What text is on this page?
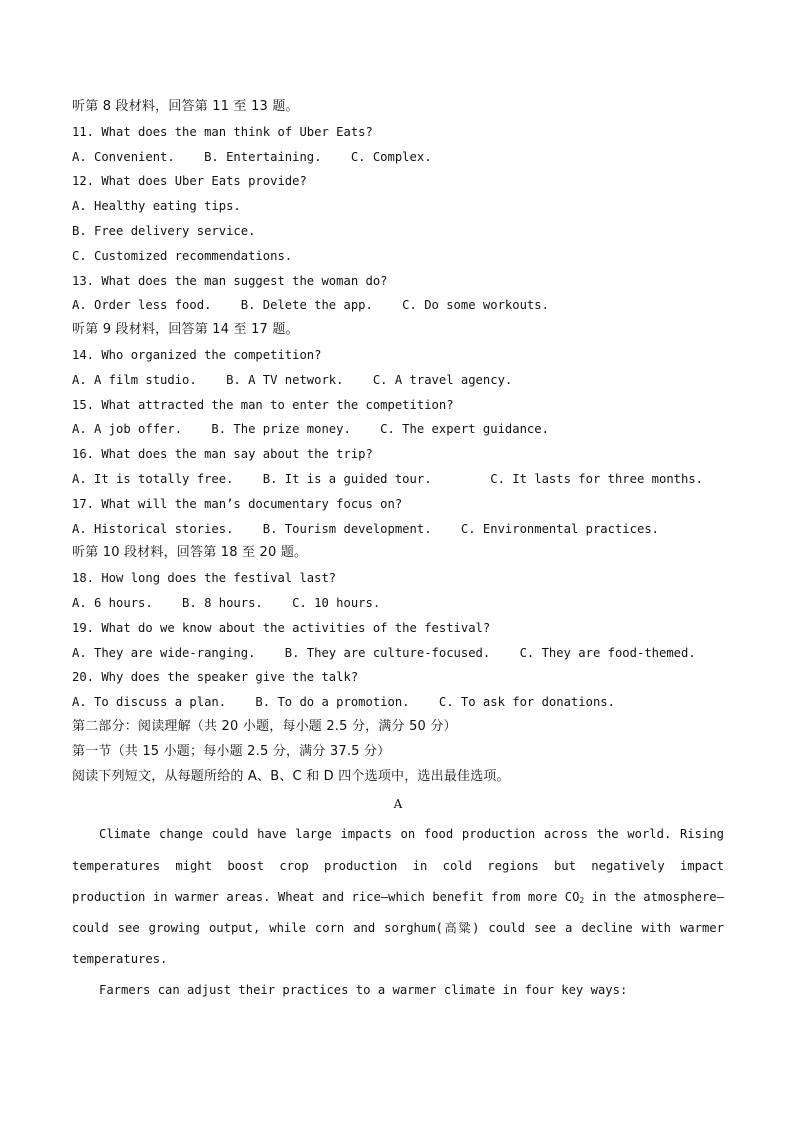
听第 8 段材料，回答第 11 至 13 题。
11. What does the man think of Uber Eats?
A. Convenient.    B. Entertaining.    C. Complex.
12. What does Uber Eats provide?
A. Healthy eating tips.
B. Free delivery service.
C. Customized recommendations.
13. What does the man suggest the woman do?
A. Order less food.    B. Delete the app.    C. Do some workouts.
听第 9 段材料，回答第 14 至 17 题。
14. Who organized the competition?
A. A film studio.    B. A TV network.    C. A travel agency.
15. What attracted the man to enter the competition?
A. A job offer.    B. The prize money.    C. The expert guidance.
16. What does the man say about the trip?
A. It is totally free.    B. It is a guided tour.        C. It lasts for three months.
17. What will the man’s documentary focus on?
A. Historical stories.    B. Tourism development.    C. Environmental practices.
听第 10 段材料，回答第 18 至 20 题。
18. How long does the festival last?
A. 6 hours.    B. 8 hours.    C. 10 hours.
19. What do we know about the activities of the festival?
A. They are wide-ranging.    B. They are culture-focused.    C. They are food-themed.
20. Why does the speaker give the talk?
A. To discuss a plan.    B. To do a promotion.    C. To ask for donations.
第二部分：阅读理解（共 20 小题，每小题 2.5 分，满分 50 分）
第一节（共 15 小题；每小题 2.5 分，满分 37.5 分）
阅读下列短文，从每题所给的 A、B、C 和 D 四个选项中，选出最佳选项。
A

Climate change could have large impacts on food production across the world. Rising temperatures might boost crop production in cold regions but negatively impact production in warmer areas. Wheat and rice—which benefit from more $CO_2$ in the atmosphere—could see growing output, while corn and sorghum(高粱) could see a decline with warmer temperatures.

Farmers can adjust their practices to a warmer climate in four key ways:
